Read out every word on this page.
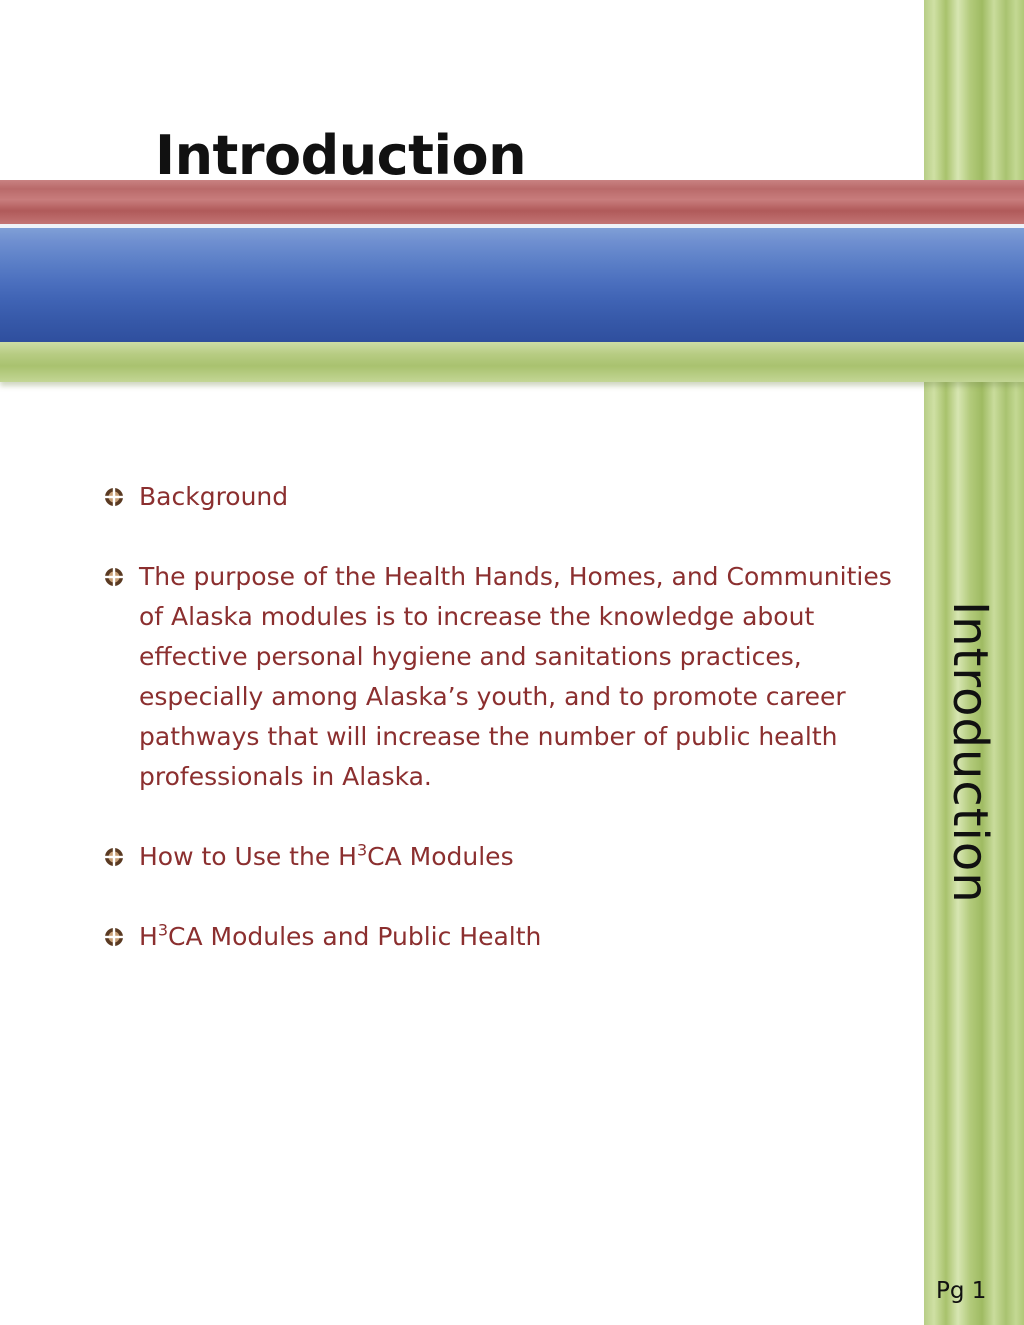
Introduction
Introduction
Background
The purpose of the Health Hands, Homes, and Communities of Alaska modules is to increase the knowledge about effective personal hygiene and sanitations practices, especially among Alaska’s youth, and to promote career pathways that will increase the number of public health professionals in Alaska.
How to Use the $H^3CA$ Modules
$H^3CA$ Modules and Public Health
Pg 1
